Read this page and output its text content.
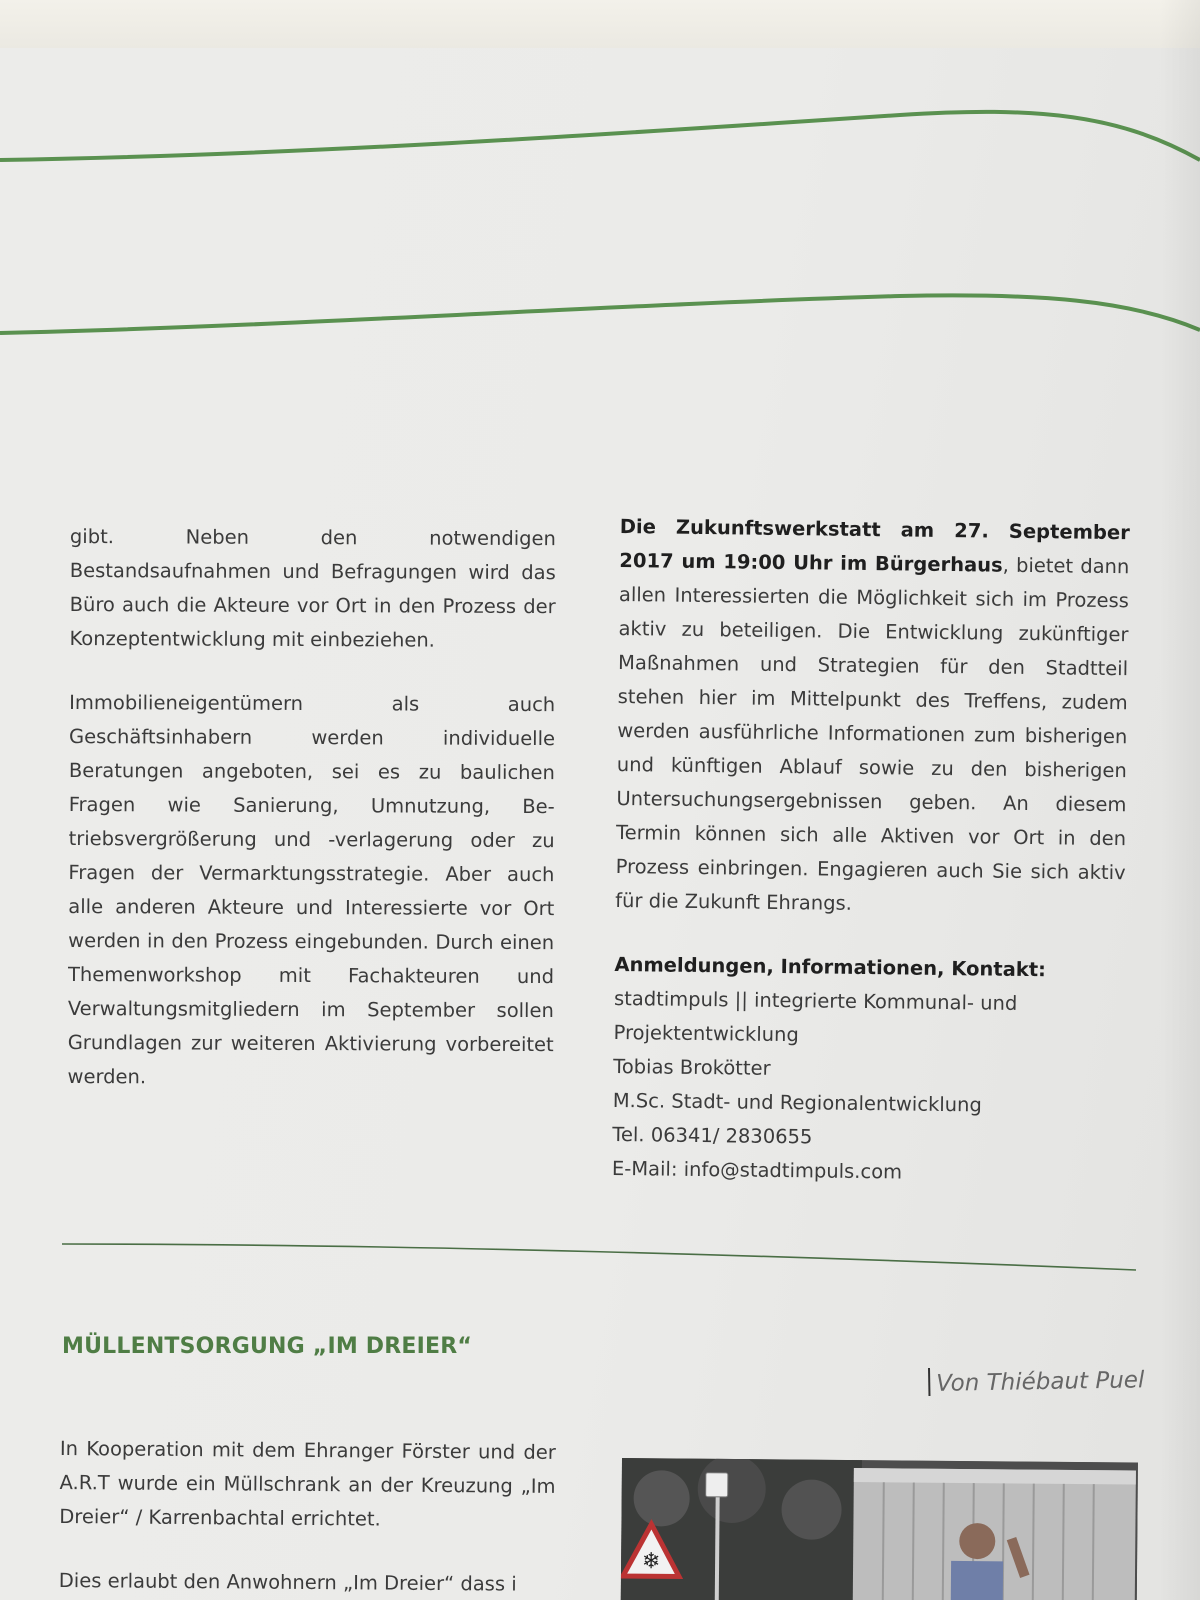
gibt. Neben den notwendigen Bestandsaufnahmen und Befragungen wird das Büro auch die Akteure vor Ort in den Prozess der Konzeptentwicklung mit einbeziehen.

Immobilieneigentümern als auch Geschäftsinhabern werden individuelle Beratungen angeboten, sei es zu baulichen Fragen wie Sanierung, Umnutzung, Betriebsvergrößerung und -verlagerung oder zu Fragen der Vermarktungsstrategie. Aber auch alle anderen Akteure und Interessierte vor Ort werden in den Prozess eingebunden. Durch einen Themenworkshop mit Fachakteuren und Verwaltungsmitgliedern im September sollen Grundlagen zur weiteren Aktivierung vorbereitet werden.

Die Zukunftswerkstatt am 27. September 2017 um 19:00 Uhr im Bürgerhaus, bietet dann allen Interessierten die Möglichkeit sich im Prozess aktiv zu beteiligen. Die Entwicklung zukünftiger Maßnahmen und Strategien für den Stadtteil stehen hier im Mittelpunkt des Treffens, zudem werden ausführliche Informationen zum bisherigen und künftigen Ablauf sowie zu den bisherigen Untersuchungsergebnissen geben. An diesem Termin können sich alle Aktiven vor Ort in den Prozess einbringen. Engagieren auch Sie sich aktiv für die Zukunft Ehrangs.

Anmeldungen, Informationen, Kontakt:
stadtimpuls || integrierte Kommunal- und Projektentwicklung
Tobias Brokötter
M.Sc. Stadt- und Regionalentwicklung
Tel. 06341/ 2830655
E-Mail: info@stadtimpuls.com
MÜLLENTSORGUNG „IM DREIER“
Von Thiébaut Puel

In Kooperation mit dem Ehranger Förster und der A.R.T wurde ein Müllschrank an der Kreuzung „Im Dreier“ / Karrenbachtal errichtet.

Dies erlaubt den Anwohnern „Im Dreier“ dass i

❄
